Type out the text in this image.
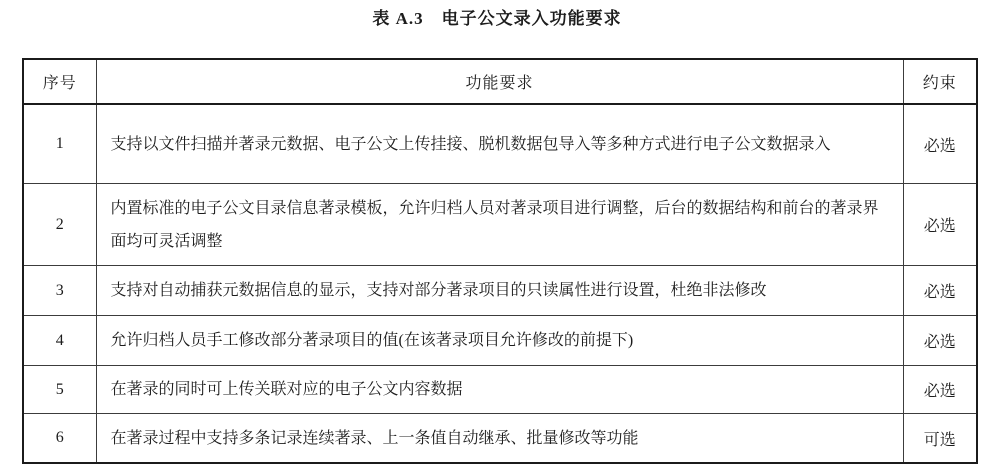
表 A.3　电子公文录入功能要求
序号	功能要求	约束
1	支持以文件扫描并著录元数据、电子公文上传挂接、脱机数据包导入等多种方式进行电子公文数据录入	必选
2	内置标准的电子公文目录信息著录模板，允许归档人员对著录项目进行调整，后台的数据结构和前台的著录界面均可灵活调整	必选
3	支持对自动捕获元数据信息的显示，支持对部分著录项目的只读属性进行设置，杜绝非法修改	必选
4	允许归档人员手工修改部分著录项目的值(在该著录项目允许修改的前提下)	必选
5	在著录的同时可上传关联对应的电子公文内容数据	必选
6	在著录过程中支持多条记录连续著录、上一条值自动继承、批量修改等功能	可选
